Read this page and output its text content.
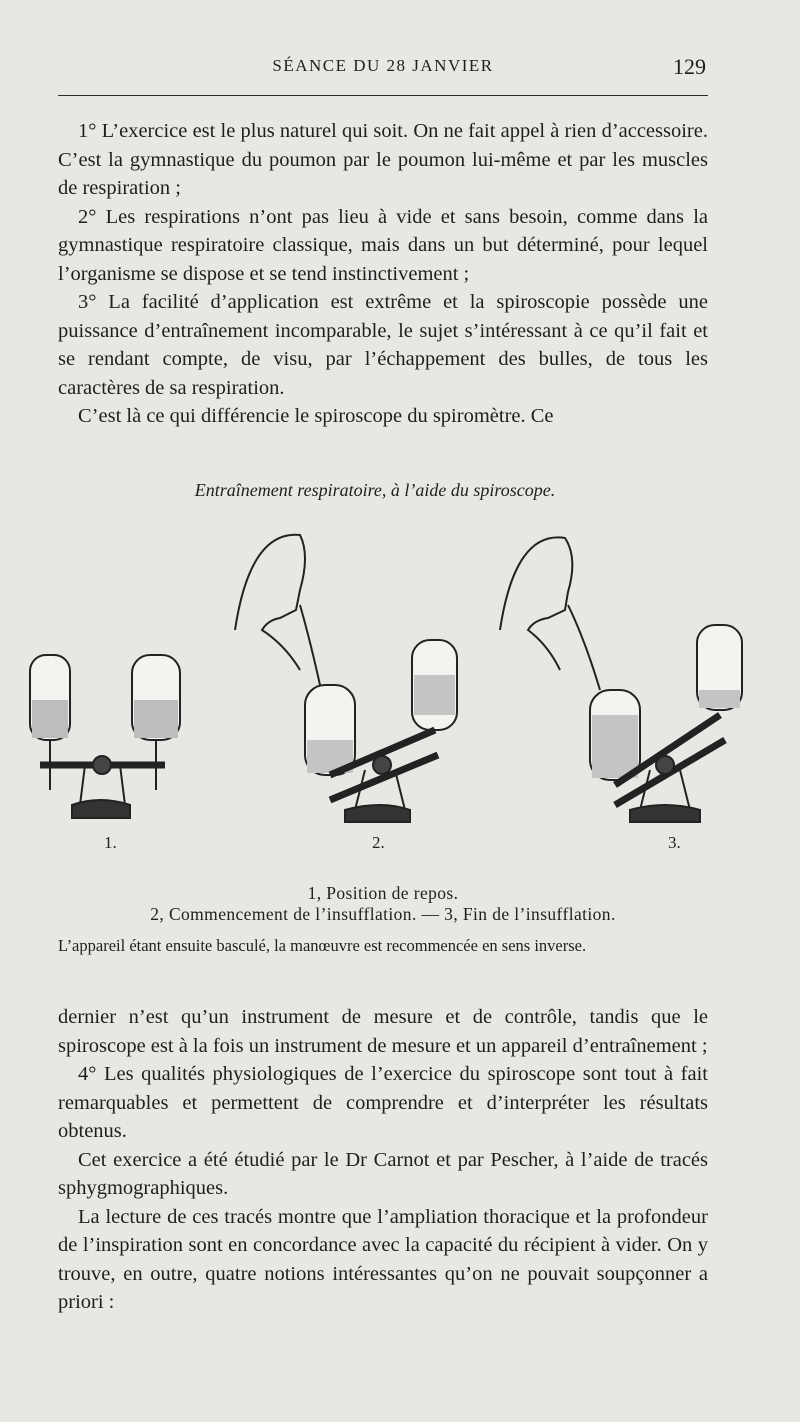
SÉANCE DU 28 JANVIER	129

1° L’exercice est le plus naturel qui soit. On ne fait appel à rien d’accessoire. C’est la gymnastique du poumon par le poumon lui-même et par les muscles de respiration ;

2° Les respirations n’ont pas lieu à vide et sans besoin, comme dans la gymnastique respiratoire classique, mais dans un but déterminé, pour lequel l’organisme se dispose et se tend instinctivement ;

3° La facilité d’application est extrême et la spiroscopie possède une puissance d’entraînement incomparable, le sujet s’intéressant à ce qu’il fait et se rendant compte, de visu, par l’échappement des bulles, de tous les caractères de sa respiration.

C’est là ce qui différencie le spiroscope du spiromètre. Ce

Entraînement respiratoire, à l’aide du spiroscope.
1.	2.	3.
1, Position de repos.
2, Commencement de l’insufflation. — 3, Fin de l’insufflation.
L’appareil étant ensuite basculé, la manœuvre est recommencée en sens inverse.

dernier n’est qu’un instrument de mesure et de contrôle, tandis que le spiroscope est à la fois un instrument de mesure et un appareil d’entraînement ;

4° Les qualités physiologiques de l’exercice du spiroscope sont tout à fait remarquables et permettent de comprendre et d’interpréter les résultats obtenus.

Cet exercice a été étudié par le Dr Carnot et par Pescher, à l’aide de tracés sphygmographiques.

La lecture de ces tracés montre que l’ampliation thoracique et la profondeur de l’inspiration sont en concordance avec la capacité du récipient à vider. On y trouve, en outre, quatre notions intéressantes qu’on ne pouvait soupçonner a priori :
